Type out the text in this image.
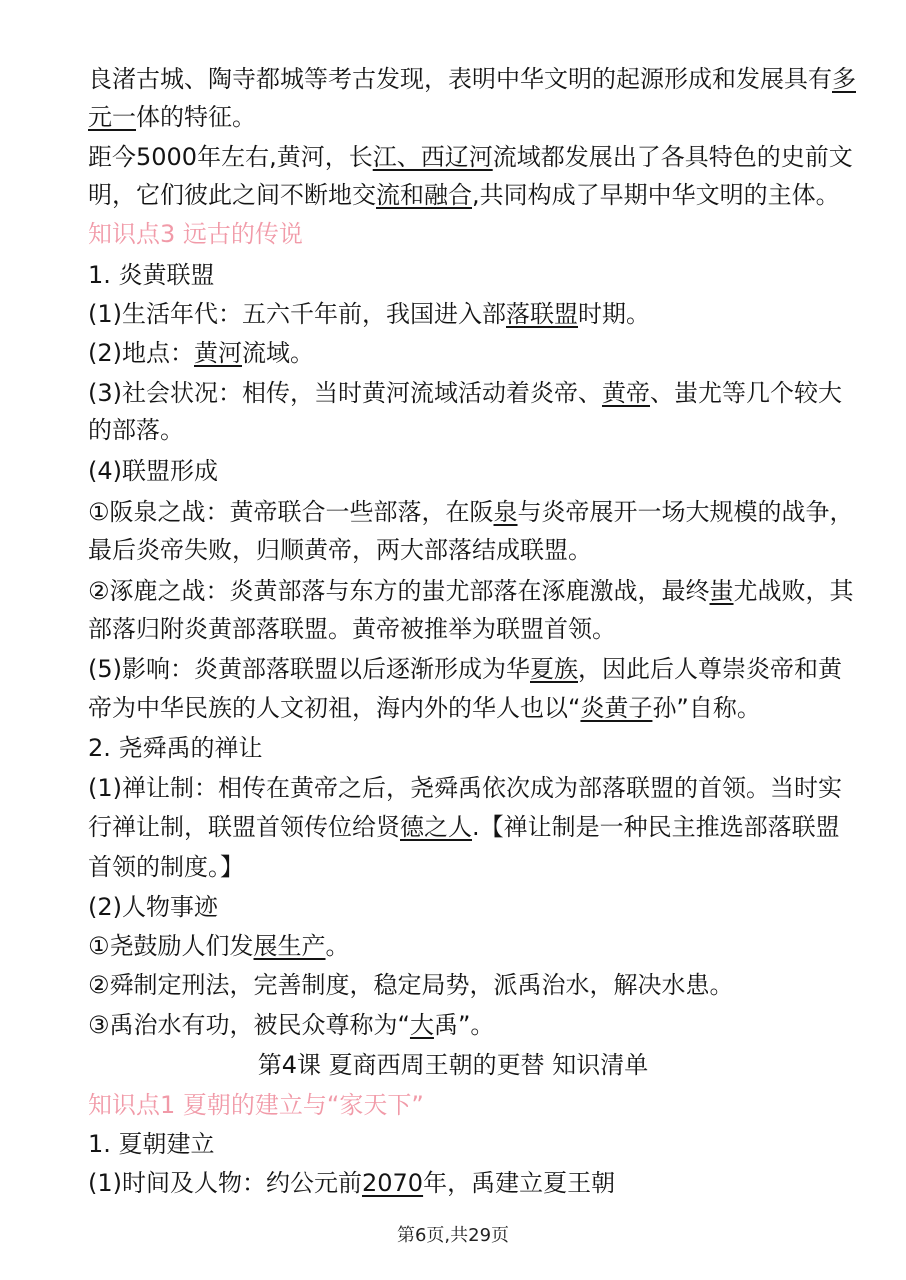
良渚古城、陶寺都城等考古发现，表明中华文明的起源形成和发展具有多
元一体的特征。
距今5000年左右,黄河，长江、西辽河流域都发展出了各具特色的史前文
明，它们彼此之间不断地交流和融合,共同构成了早期中华文明的主体。
知识点3 远古的传说
1. 炎黄联盟
(1)生活年代：五六千年前，我国进入部落联盟时期。
(2)地点：黄河流域。
(3)社会状况：相传，当时黄河流域活动着炎帝、黄帝、蚩尤等几个较大
的部落。
(4)联盟形成
①阪泉之战：黄帝联合一些部落，在阪泉与炎帝展开一场大规模的战争，
最后炎帝失败，归顺黄帝，两大部落结成联盟。
②涿鹿之战：炎黄部落与东方的蚩尤部落在涿鹿激战，最终蚩尤战败，其
部落归附炎黄部落联盟。黄帝被推举为联盟首领。
(5)影响：炎黄部落联盟以后逐渐形成为华夏族，因此后人尊崇炎帝和黄
帝为中华民族的人文初祖，海内外的华人也以“炎黄子孙”自称。
2. 尧舜禹的禅让
(1)禅让制：相传在黄帝之后，尧舜禹依次成为部落联盟的首领。当时实
行禅让制，联盟首领传位给贤德之人.【禅让制是一种民主推选部落联盟
首领的制度。】
(2)人物事迹
①尧鼓励人们发展生产。
②舜制定刑法，完善制度，稳定局势，派禹治水，解决水患。
③禹治水有功，被民众尊称为“大禹”。
第4课 夏商西周王朝的更替 知识清单
知识点1 夏朝的建立与“家天下”
1. 夏朝建立
(1)时间及人物：约公元前2070年，禹建立夏王朝
第6页,共29页
